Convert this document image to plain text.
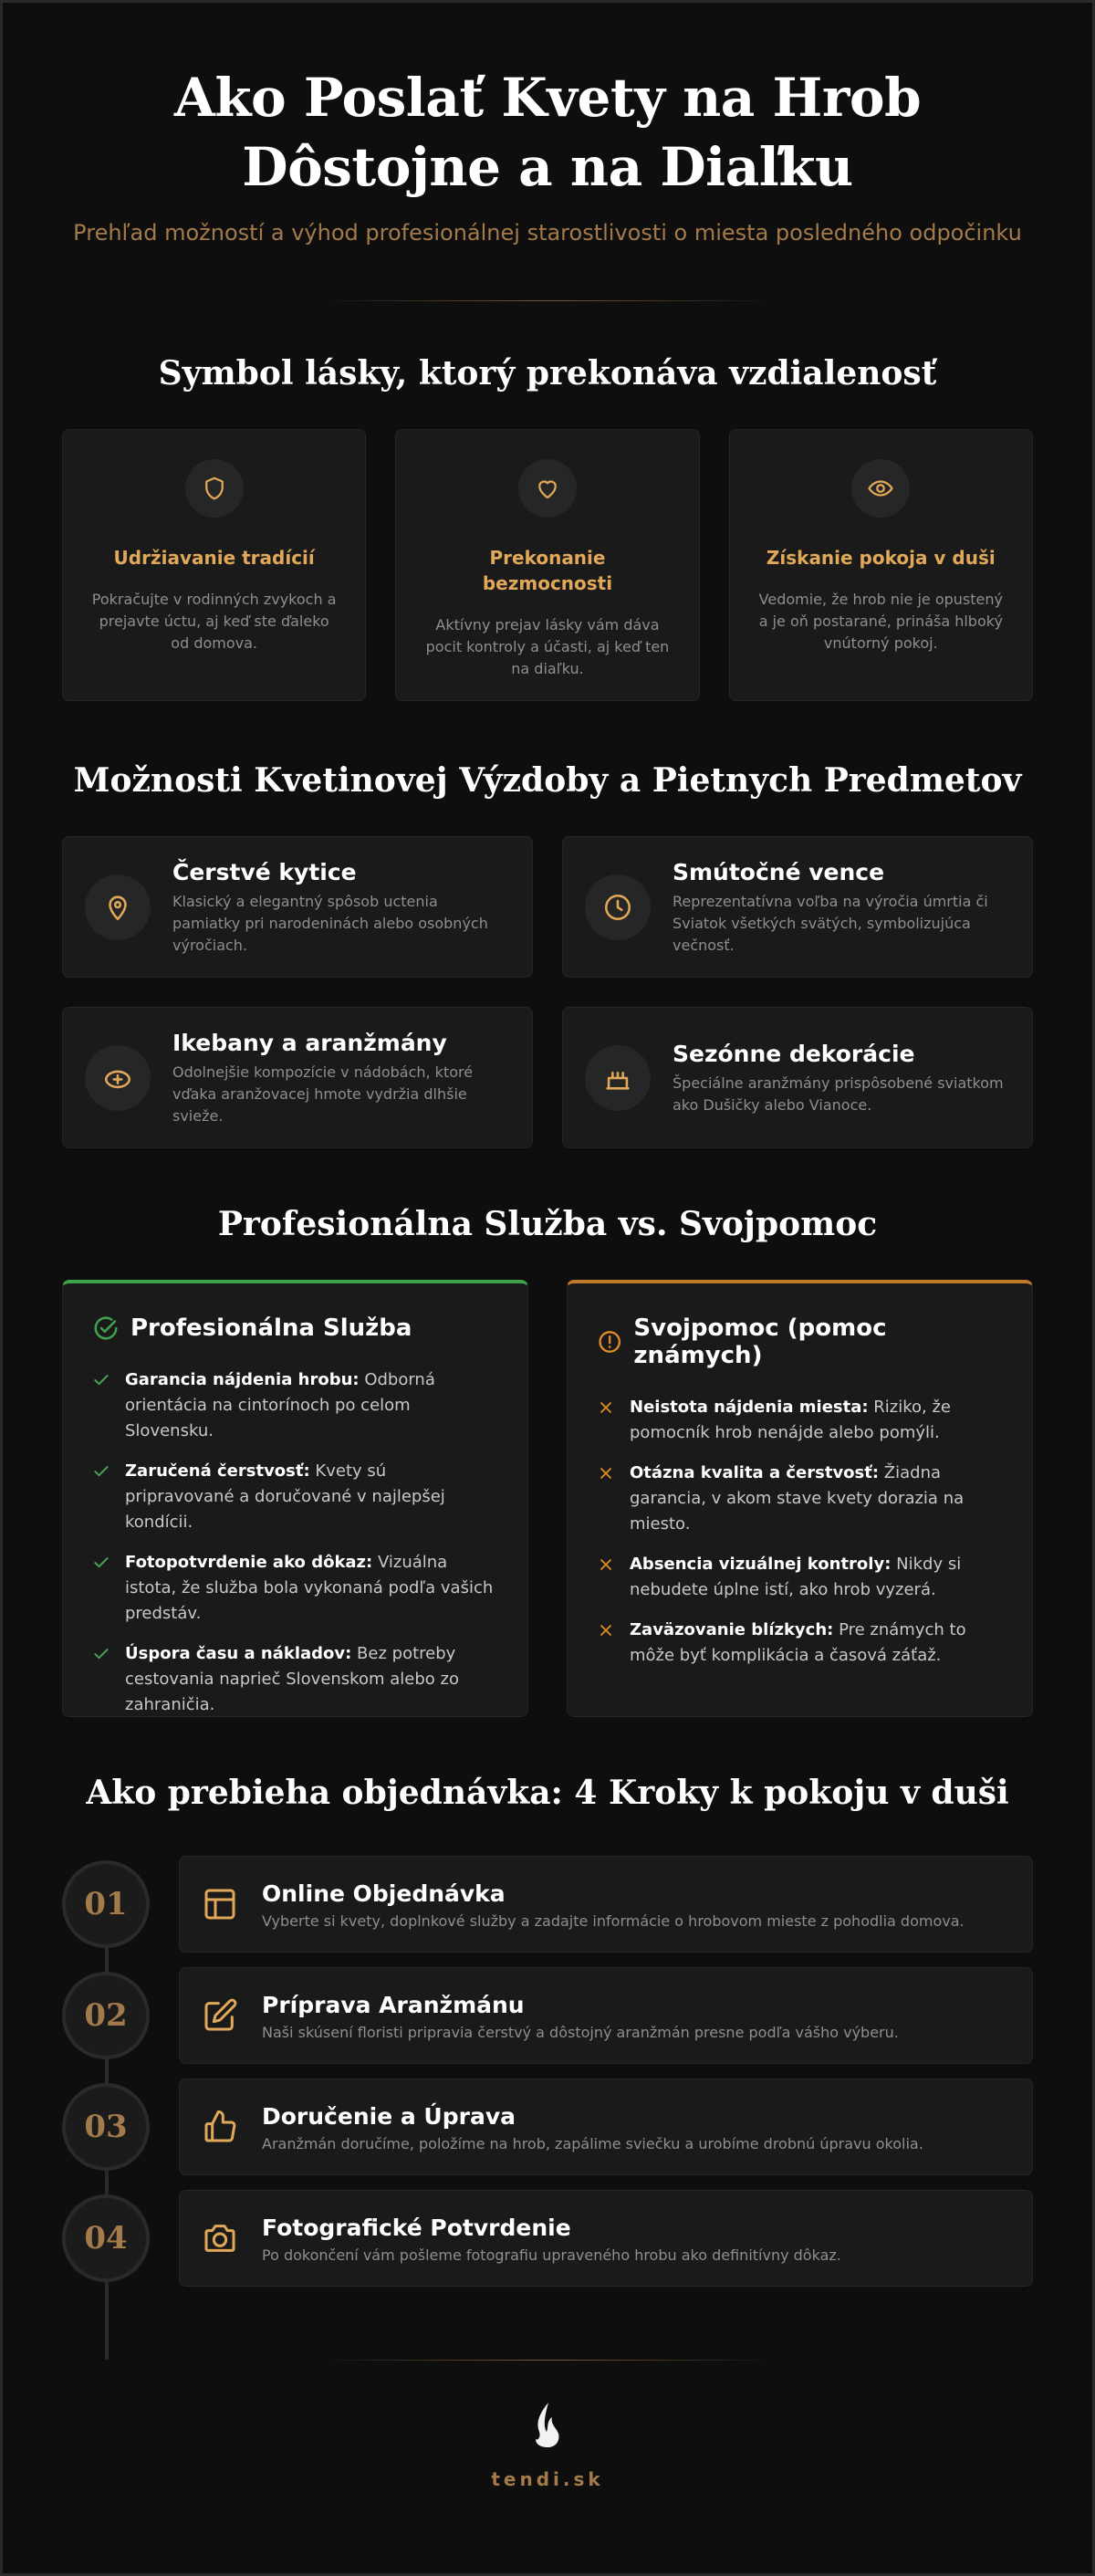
Ako Poslať Kvety na Hrob
Dôstojne a na Diaľku
Prehľad možností a výhod profesionálnej starostlivosti o miesta posledného odpočinku
Symbol lásky, ktorý prekonáva vzdialenosť
Udržiavanie tradícií

Pokračujte v rodinných zvykoch a prejavte úctu, aj keď ste ďaleko od domova.

Prekonanie bezmocnosti

Aktívny prejav lásky vám dáva pocit kontroly a účasti, aj keď ten na diaľku.

Získanie pokoja v duši

Vedomie, že hrob nie je opustený a je oň postarané, prináša hlboký vnútorný pokoj.

Možnosti Kvetinovej Výzdoby a Pietnych Predmetov
Čerstvé kytice

Klasický a elegantný spôsob uctenia pamiatky pri narodeninách alebo osobných výročiach.

Smútočné vence

Reprezentatívna voľba na výročia úmrtia či Sviatok všetkých svätých, symbolizujúca večnosť.

Ikebany a aranžmány

Odolnejšie kompozície v nádobách, ktoré vďaka aranžovacej hmote vydržia dlhšie svieže.

Sezónne dekorácie

Špeciálne aranžmány prispôsobené sviatkom ako Dušičky alebo Vianoce.

Profesionálna Služba vs. Svojpomoc
Profesionálna Služba
Garancia nájdenia hrobu: Odborná orientácia na cintorínoch po celom Slovensku.
Zaručená čerstvosť: Kvety sú pripravované a doručované v najlepšej kondícii.
Fotopotvrdenie ako dôkaz: Vizuálna istota, že služba bola vykonaná podľa vašich predstáv.
Úspora času a nákladov: Bez potreby cestovania naprieč Slovenskom alebo zo zahraničia.
Svojpomoc (pomoc známych)
Neistota nájdenia miesta: Riziko, že pomocník hrob nenájde alebo pomýli.
Otázna kvalita a čerstvosť: Žiadna garancia, v akom stave kvety dorazia na miesto.
Absencia vizuálnej kontroly: Nikdy si nebudete úplne istí, ako hrob vyzerá.
Zaväzovanie blízkych: Pre známych to môže byť komplikácia a časová záťaž.
Ako prebieha objednávka: 4 Kroky k pokoju v duši
01	Online Objednávka

Vyberte si kvety, doplnkové služby a zadajte informácie o hrobovom mieste z pohodlia domova.

02	Príprava Aranžmánu

Naši skúsení floristi pripravia čerstvý a dôstojný aranžmán presne podľa vášho výberu.

03	Doručenie a Úprava

Aranžmán doručíme, položíme na hrob, zapálime sviečku a urobíme drobnú úpravu okolia.

04	Fotografické Potvrdenie

Po dokončení vám pošleme fotografiu upraveného hrobu ako definitívny dôkaz.

tendi.sk
